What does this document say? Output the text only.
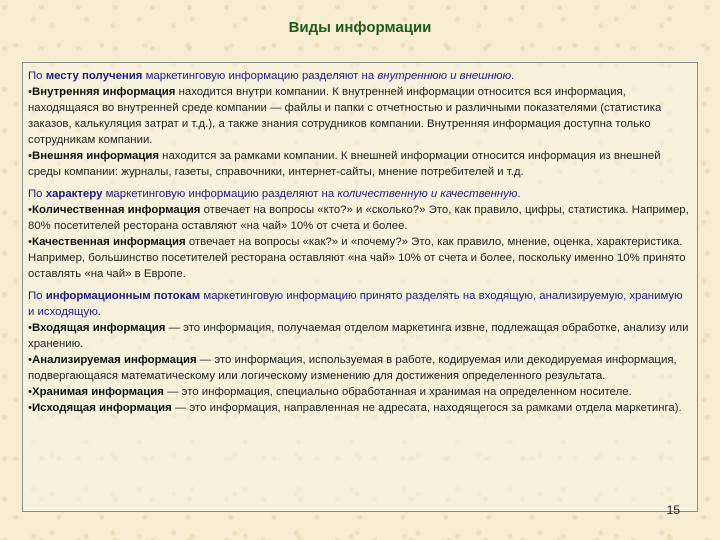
Виды информации

По месту получения маркетинговую информацию разделяют на внутреннюю и внешнюю.

•Внутренняя информация находится внутри компании. К внутренней информации относится вся информация, находящаяся во внутренней среде компании — файлы и папки с отчетностью и различными показателями (статистика заказов, калькуляция затрат и т.д.), а также знания сотрудников компании. Внутренняя информация доступна только сотрудникам компании.

•Внешняя информация находится за рамками компании. К внешней информации относится информация из внешней среды компании: журналы, газеты, справочники, интернет-сайты, мнение потребителей и т.д.

По характеру маркетинговую информацию разделяют на количественную и качественную.

•Количественная информация отвечает на вопросы «кто?» и «сколько?» Это, как правило, цифры, статистика. Например, 80% посетителей ресторана оставляют «на чай» 10% от счета и более.

•Качественная информация отвечает на вопросы «как?» и «почему?» Это, как правило, мнение, оценка, характеристика. Например, большинство посетителей ресторана оставляют «на чай» 10% от счета и более, поскольку именно 10% принято оставлять «на чай» в Европе.

По информационным потокам маркетинговую информацию принято разделять на входящую, анализируемую, хранимую и исходящую.

•Входящая информация — это информация, получаемая отделом маркетинга извне, подлежащая обработке, анализу или хранению.

•Анализируемая информация — это информация, используемая в работе, кодируемая или декодируемая информация, подвергающаяся математическому или логическому изменению для достижения определенного результата.

•Хранимая информация — это информация, специально обработанная и хранимая на определенном носителе.

•Исходящая информация — это информация, направленная не адресата, находящегося за рамками отдела маркетинга).

15
